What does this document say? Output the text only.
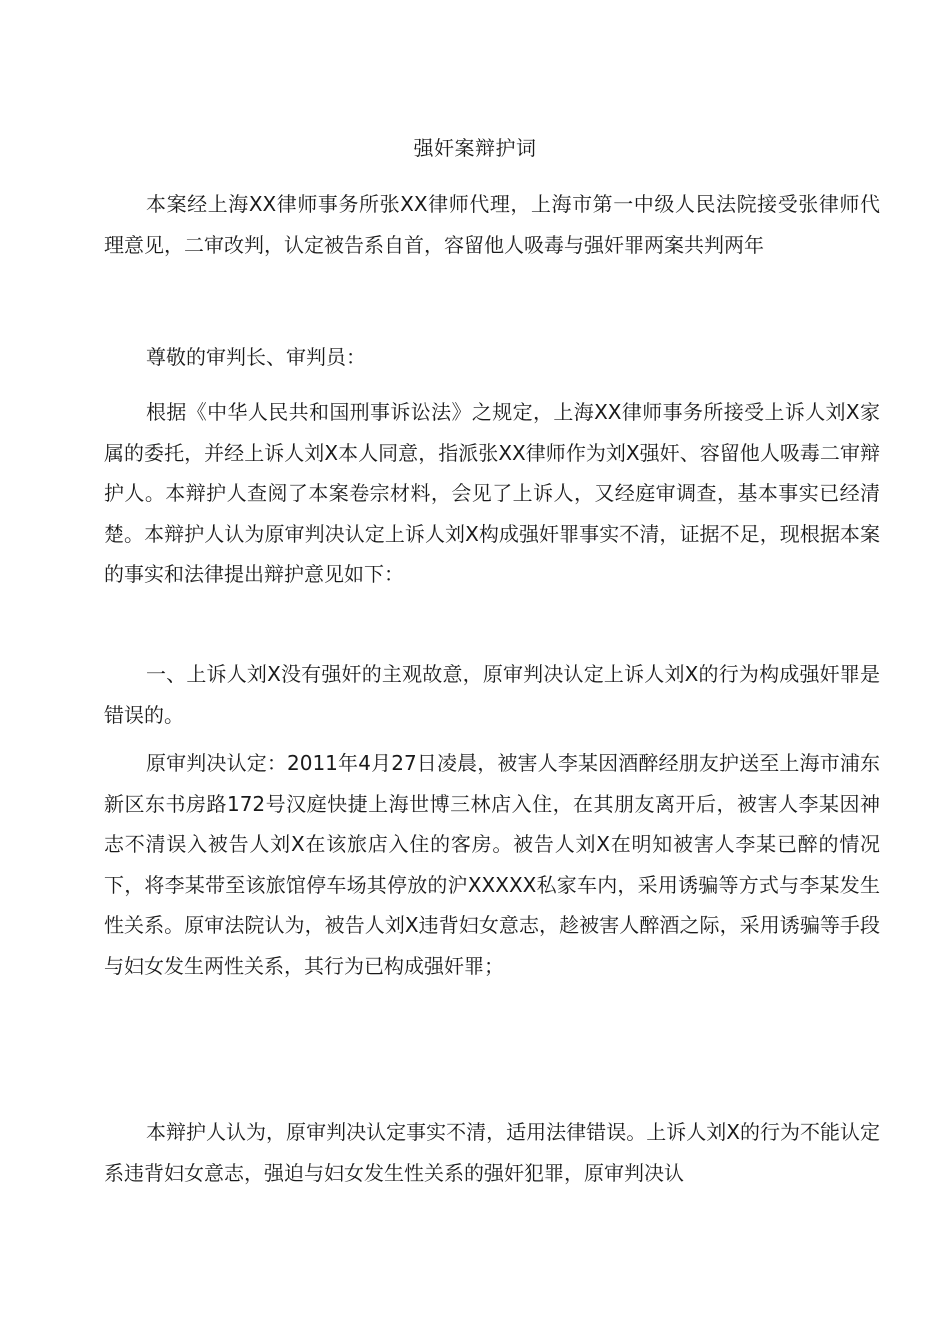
强奸案辩护词

本案经上海XX律师事务所张XX律师代理，上海市第一中级人民法院接受张律师代理意见，二审改判，认定被告系自首，容留他人吸毒与强奸罪两案共判两年

尊敬的审判长、审判员：

根据《中华人民共和国刑事诉讼法》之规定，上海XX律师事务所接受上诉人刘X家属的委托，并经上诉人刘X本人同意，指派张XX律师作为刘X强奸、容留他人吸毒二审辩护人。本辩护人查阅了本案卷宗材料，会见了上诉人，又经庭审调查，基本事实已经清楚。本辩护人认为原审判决认定上诉人刘X构成强奸罪事实不清，证据不足，现根据本案的事实和法律提出辩护意见如下：

一、上诉人刘X没有强奸的主观故意，原审判决认定上诉人刘X的行为构成强奸罪是错误的。

原审判决认定：2011年4月27日凌晨，被害人李某因酒醉经朋友护送至上海市浦东新区东书房路172号汉庭快捷上海世博三林店入住，在其朋友离开后，被害人李某因神志不清误入被告人刘X在该旅店入住的客房。被告人刘X在明知被害人李某已醉的情况下，将李某带至该旅馆停车场其停放的沪XXXXX私家车内，采用诱骗等方式与李某发生性关系。原审法院认为，被告人刘X违背妇女意志，趁被害人醉酒之际，采用诱骗等手段与妇女发生两性关系，其行为已构成强奸罪；

本辩护人认为，原审判决认定事实不清，适用法律错误。上诉人刘X的行为不能认定系违背妇女意志，强迫与妇女发生性关系的强奸犯罪，原审判决认
